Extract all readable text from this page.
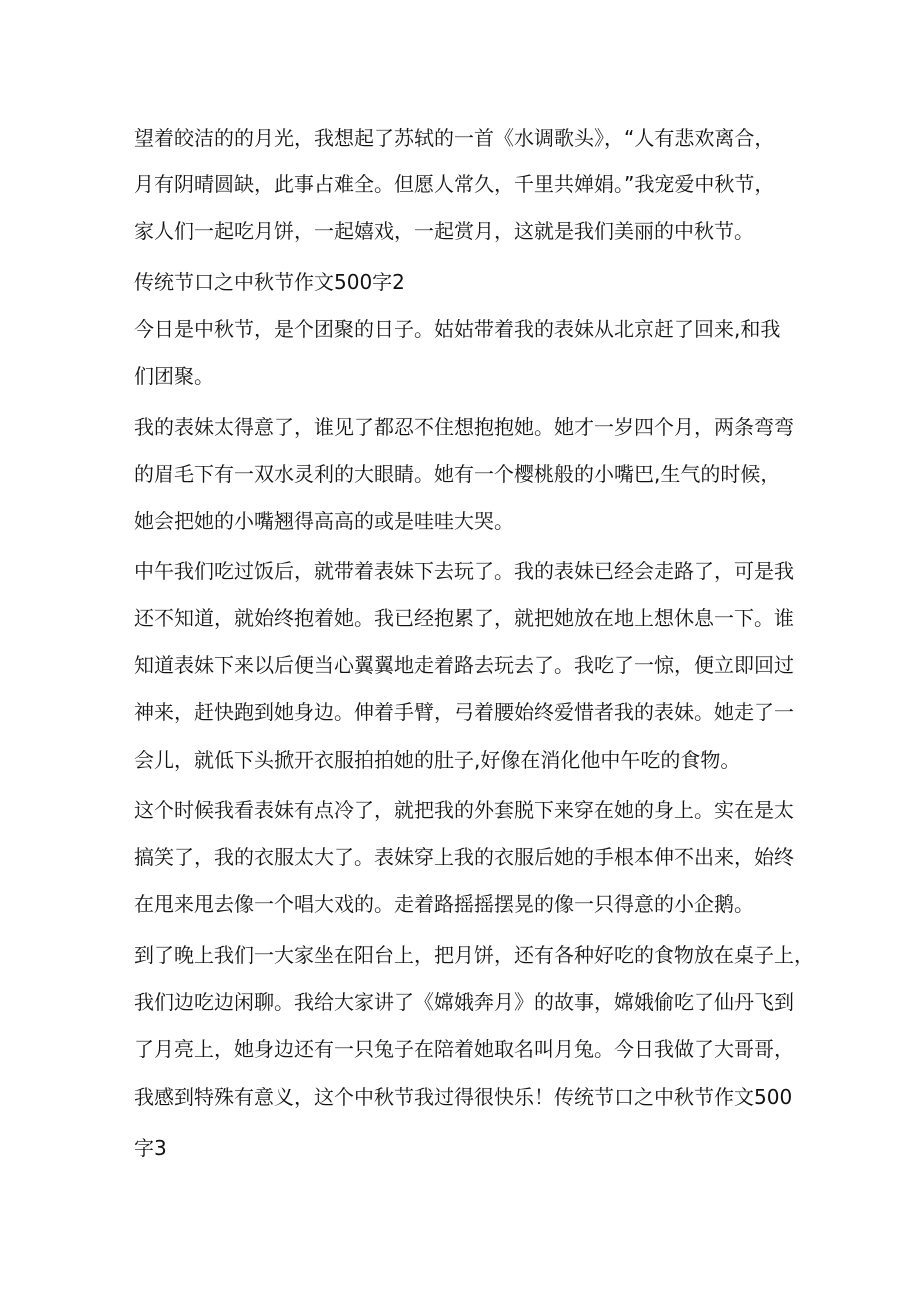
望着皎洁的的月光，我想起了苏轼的一首《水调歌头》，“人有悲欢离合，
月有阴晴圆缺，此事占难全。但愿人常久，千里共婵娟。”我宠爱中秋节，
家人们一起吃月饼，一起嬉戏，一起赏月，这就是我们美丽的中秋节。
传统节口之中秋节作文500字2
今日是中秋节，是个团聚的日子。姑姑带着我的表妹从北京赶了回来,和我
们团聚。
我的表妹太得意了，谁见了都忍不住想抱抱她。她才一岁四个月，两条弯弯
的眉毛下有一双水灵利的大眼睛。她有一个樱桃般的小嘴巴,生气的时候，
她会把她的小嘴翘得高高的或是哇哇大哭。
中午我们吃过饭后，就带着表妹下去玩了。我的表妹已经会走路了，可是我
还不知道，就始终抱着她。我已经抱累了，就把她放在地上想休息一下。谁
知道表妹下来以后便当心翼翼地走着路去玩去了。我吃了一惊，便立即回过
神来，赶快跑到她身边。伸着手臂，弓着腰始终爱惜者我的表妹。她走了一
会儿，就低下头掀开衣服拍拍她的肚子,好像在消化他中午吃的食物。
这个时候我看表妹有点冷了，就把我的外套脱下来穿在她的身上。实在是太
搞笑了，我的衣服太大了。表妹穿上我的衣服后她的手根本伸不出来，始终
在甩来甩去像一个唱大戏的。走着路摇摇摆晃的像一只得意的小企鹅。
到了晚上我们一大家坐在阳台上，把月饼，还有各种好吃的食物放在桌子上，
我们边吃边闲聊。我给大家讲了《嫦娥奔月》的故事，嫦娥偷吃了仙丹飞到
了月亮上，她身边还有一只兔子在陪着她取名叫月兔。今日我做了大哥哥，
我感到特殊有意义，这个中秋节我过得很快乐！传统节口之中秋节作文500
字3
